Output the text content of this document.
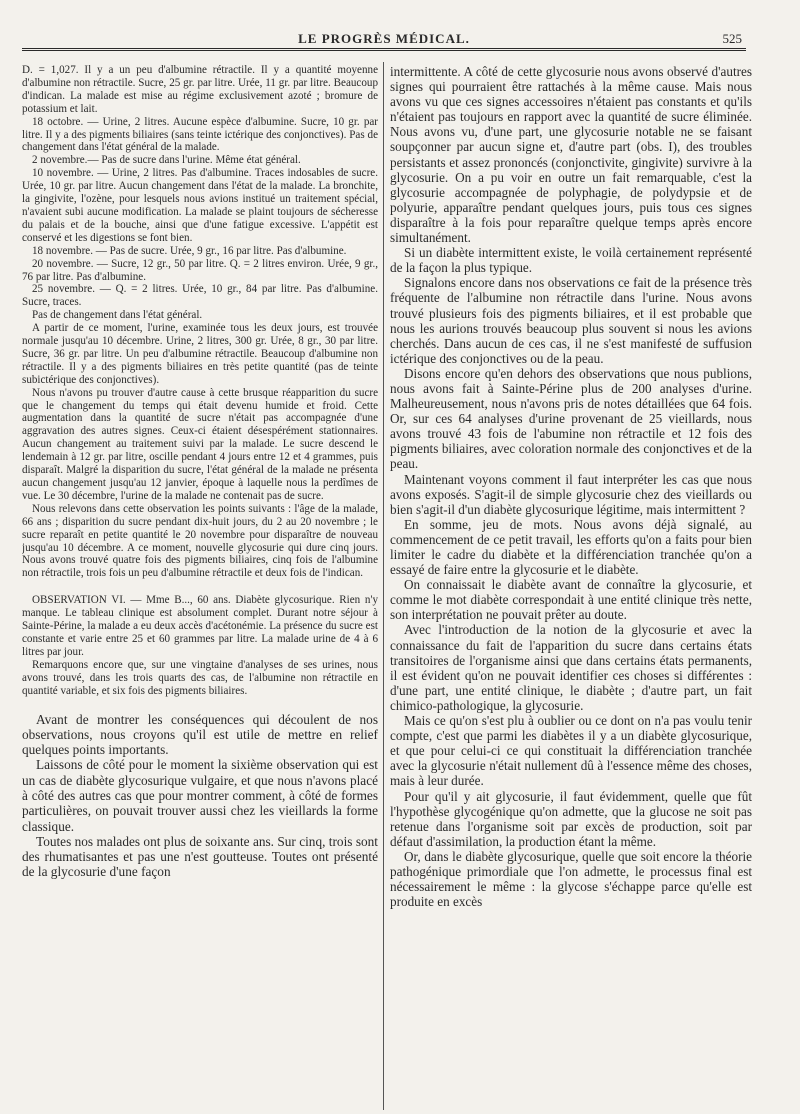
LE PROGRÈS MÉDICAL.	525

D. = 1,027. Il y a un peu d'albumine rétractile. Il y a quantité moyenne d'albumine non rétractile. Sucre, 25 gr. par litre. Urée, 11 gr. par litre. Beaucoup d'indican. La malade est mise au régime exclusivement azoté ; bromure de potassium et lait.

18 octobre. — Urine, 2 litres. Aucune espèce d'albumine. Sucre, 10 gr. par litre. Il y a des pigments biliaires (sans teinte ictérique des conjonctives). Pas de changement dans l'état général de la malade.

2 novembre.— Pas de sucre dans l'urine. Même état général.

10 novembre. — Urine, 2 litres. Pas d'albumine. Traces indosables de sucre. Urée, 10 gr. par litre. Aucun changement dans l'état de la malade. La bronchite, la gingivite, l'ozène, pour lesquels nous avions institué un traitement spécial, n'avaient subi aucune modification. La malade se plaint toujours de sécheresse du palais et de la bouche, ainsi que d'une fatigue excessive. L'appétit est conservé et les digestions se font bien.

18 novembre. — Pas de sucre. Urée, 9 gr., 16 par litre. Pas d'albumine.

20 novembre. — Sucre, 12 gr., 50 par litre. Q. = 2 litres environ. Urée, 9 gr., 76 par litre. Pas d'albumine.

25 novembre. — Q. = 2 litres. Urée, 10 gr., 84 par litre. Pas d'albumine. Sucre, traces.

Pas de changement dans l'état général.

A partir de ce moment, l'urine, examinée tous les deux jours, est trouvée normale jusqu'au 10 décembre. Urine, 2 litres, 300 gr. Urée, 8 gr., 30 par litre. Sucre, 36 gr. par litre. Un peu d'albumine rétractile. Beaucoup d'albumine non rétractile. Il y a des pigments biliaires en très petite quantité (pas de teinte subictérique des conjonctives).

Nous n'avons pu trouver d'autre cause à cette brusque réapparition du sucre que le changement du temps qui était devenu humide et froid. Cette augmentation dans la quantité de sucre n'était pas accompagnée d'une aggravation des autres signes. Ceux-ci étaient désespérément stationnaires. Aucun changement au traitement suivi par la malade. Le sucre descend le lendemain à 12 gr. par litre, oscille pendant 4 jours entre 12 et 4 grammes, puis disparaît. Malgré la disparition du sucre, l'état général de la malade ne présenta aucun changement jusqu'au 12 janvier, époque à laquelle nous la perdîmes de vue. Le 30 décembre, l'urine de la malade ne contenait pas de sucre.

Nous relevons dans cette observation les points suivants : l'âge de la malade, 66 ans ; disparition du sucre pendant dix-huit jours, du 2 au 20 novembre ; le sucre reparaît en petite quantité le 20 novembre pour disparaître de nouveau jusqu'au 10 décembre. A ce moment, nouvelle glycosurie qui dure cinq jours. Nous avons trouvé quatre fois des pigments biliaires, cinq fois de l'albumine non rétractile, trois fois un peu d'albumine rétractile et deux fois de l'indican.

OBSERVATION VI. — Mme B..., 60 ans. Diabète glycosurique. Rien n'y manque. Le tableau clinique est absolument complet. Durant notre séjour à Sainte-Périne, la malade a eu deux accès d'acétonémie. La présence du sucre est constante et varie entre 25 et 60 grammes par litre. La malade urine de 4 à 6 litres par jour.

Remarquons encore que, sur une vingtaine d'analyses de ses urines, nous avons trouvé, dans les trois quarts des cas, de l'albumine non rétractile en quantité variable, et six fois des pigments biliaires.

Avant de montrer les conséquences qui découlent de nos observations, nous croyons qu'il est utile de mettre en relief quelques points importants.

Laissons de côté pour le moment la sixième observation qui est un cas de diabète glycosurique vulgaire, et que nous n'avons placé à côté des autres cas que pour montrer comment, à côté de formes particulières, on pouvait trouver aussi chez les vieillards la forme classique.

Toutes nos malades ont plus de soixante ans. Sur cinq, trois sont des rhumatisantes et pas une n'est goutteuse. Toutes ont présenté de la glycosurie d'une façon

intermittente. A côté de cette glycosurie nous avons observé d'autres signes qui pourraient être rattachés à la même cause. Mais nous avons vu que ces signes accessoires n'étaient pas constants et qu'ils n'étaient pas toujours en rapport avec la quantité de sucre éliminée. Nous avons vu, d'une part, une glycosurie notable ne se faisant soupçonner par aucun signe et, d'autre part (obs. I), des troubles persistants et assez prononcés (conjonctivite, gingivite) survivre à la glycosurie. On a pu voir en outre un fait remarquable, c'est la glycosurie accompagnée de polyphagie, de polydypsie et de polyurie, apparaître pendant quelques jours, puis tous ces signes disparaître à la fois pour reparaître quelque temps après encore simultanément.

Si un diabète intermittent existe, le voilà certainement représenté de la façon la plus typique.

Signalons encore dans nos observations ce fait de la présence très fréquente de l'albumine non rétractile dans l'urine. Nous avons trouvé plusieurs fois des pigments biliaires, et il est probable que nous les aurions trouvés beaucoup plus souvent si nous les avions cherchés. Dans aucun de ces cas, il ne s'est manifesté de suffusion ictérique des conjonctives ou de la peau.

Disons encore qu'en dehors des observations que nous publions, nous avons fait à Sainte-Périne plus de 200 analyses d'urine. Malheureusement, nous n'avons pris de notes détaillées que 64 fois. Or, sur ces 64 analyses d'urine provenant de 25 vieillards, nous avons trouvé 43 fois de l'abumine non rétractile et 12 fois des pigments biliaires, avec coloration normale des conjonctives et de la peau.

Maintenant voyons comment il faut interpréter les cas que nous avons exposés. S'agit-il de simple glycosurie chez des vieillards ou bien s'agit-il d'un diabète glycosurique légitime, mais intermittent ?

En somme, jeu de mots. Nous avons déjà signalé, au commencement de ce petit travail, les efforts qu'on a faits pour bien limiter le cadre du diabète et la différenciation tranchée qu'on a essayé de faire entre la glycosurie et le diabète.

On connaissait le diabète avant de connaître la glycosurie, et comme le mot diabète correspondait à une entité clinique très nette, son interprétation ne pouvait prêter au doute.

Avec l'introduction de la notion de la glycosurie et avec la connaissance du fait de l'apparition du sucre dans certains états transitoires de l'organisme ainsi que dans certains états permanents, il est évident qu'on ne pouvait identifier ces choses si différentes : d'une part, une entité clinique, le diabète ; d'autre part, un fait chimico-pathologique, la glycosurie.

Mais ce qu'on s'est plu à oublier ou ce dont on n'a pas voulu tenir compte, c'est que parmi les diabètes il y a un diabète glycosurique, et que pour celui-ci ce qui constituait la différenciation tranchée avec la glycosurie n'était nullement dû à l'essence même des choses, mais à leur durée.

Pour qu'il y ait glycosurie, il faut évidemment, quelle que fût l'hypothèse glycogénique qu'on admette, que la glucose ne soit pas retenue dans l'organisme soit par excès de production, soit par défaut d'assimilation, la production étant la même.

Or, dans le diabète glycosurique, quelle que soit encore la théorie pathogénique primordiale que l'on admette, le processus final est nécessairement le même : la glycose s'échappe parce qu'elle est produite en excès
